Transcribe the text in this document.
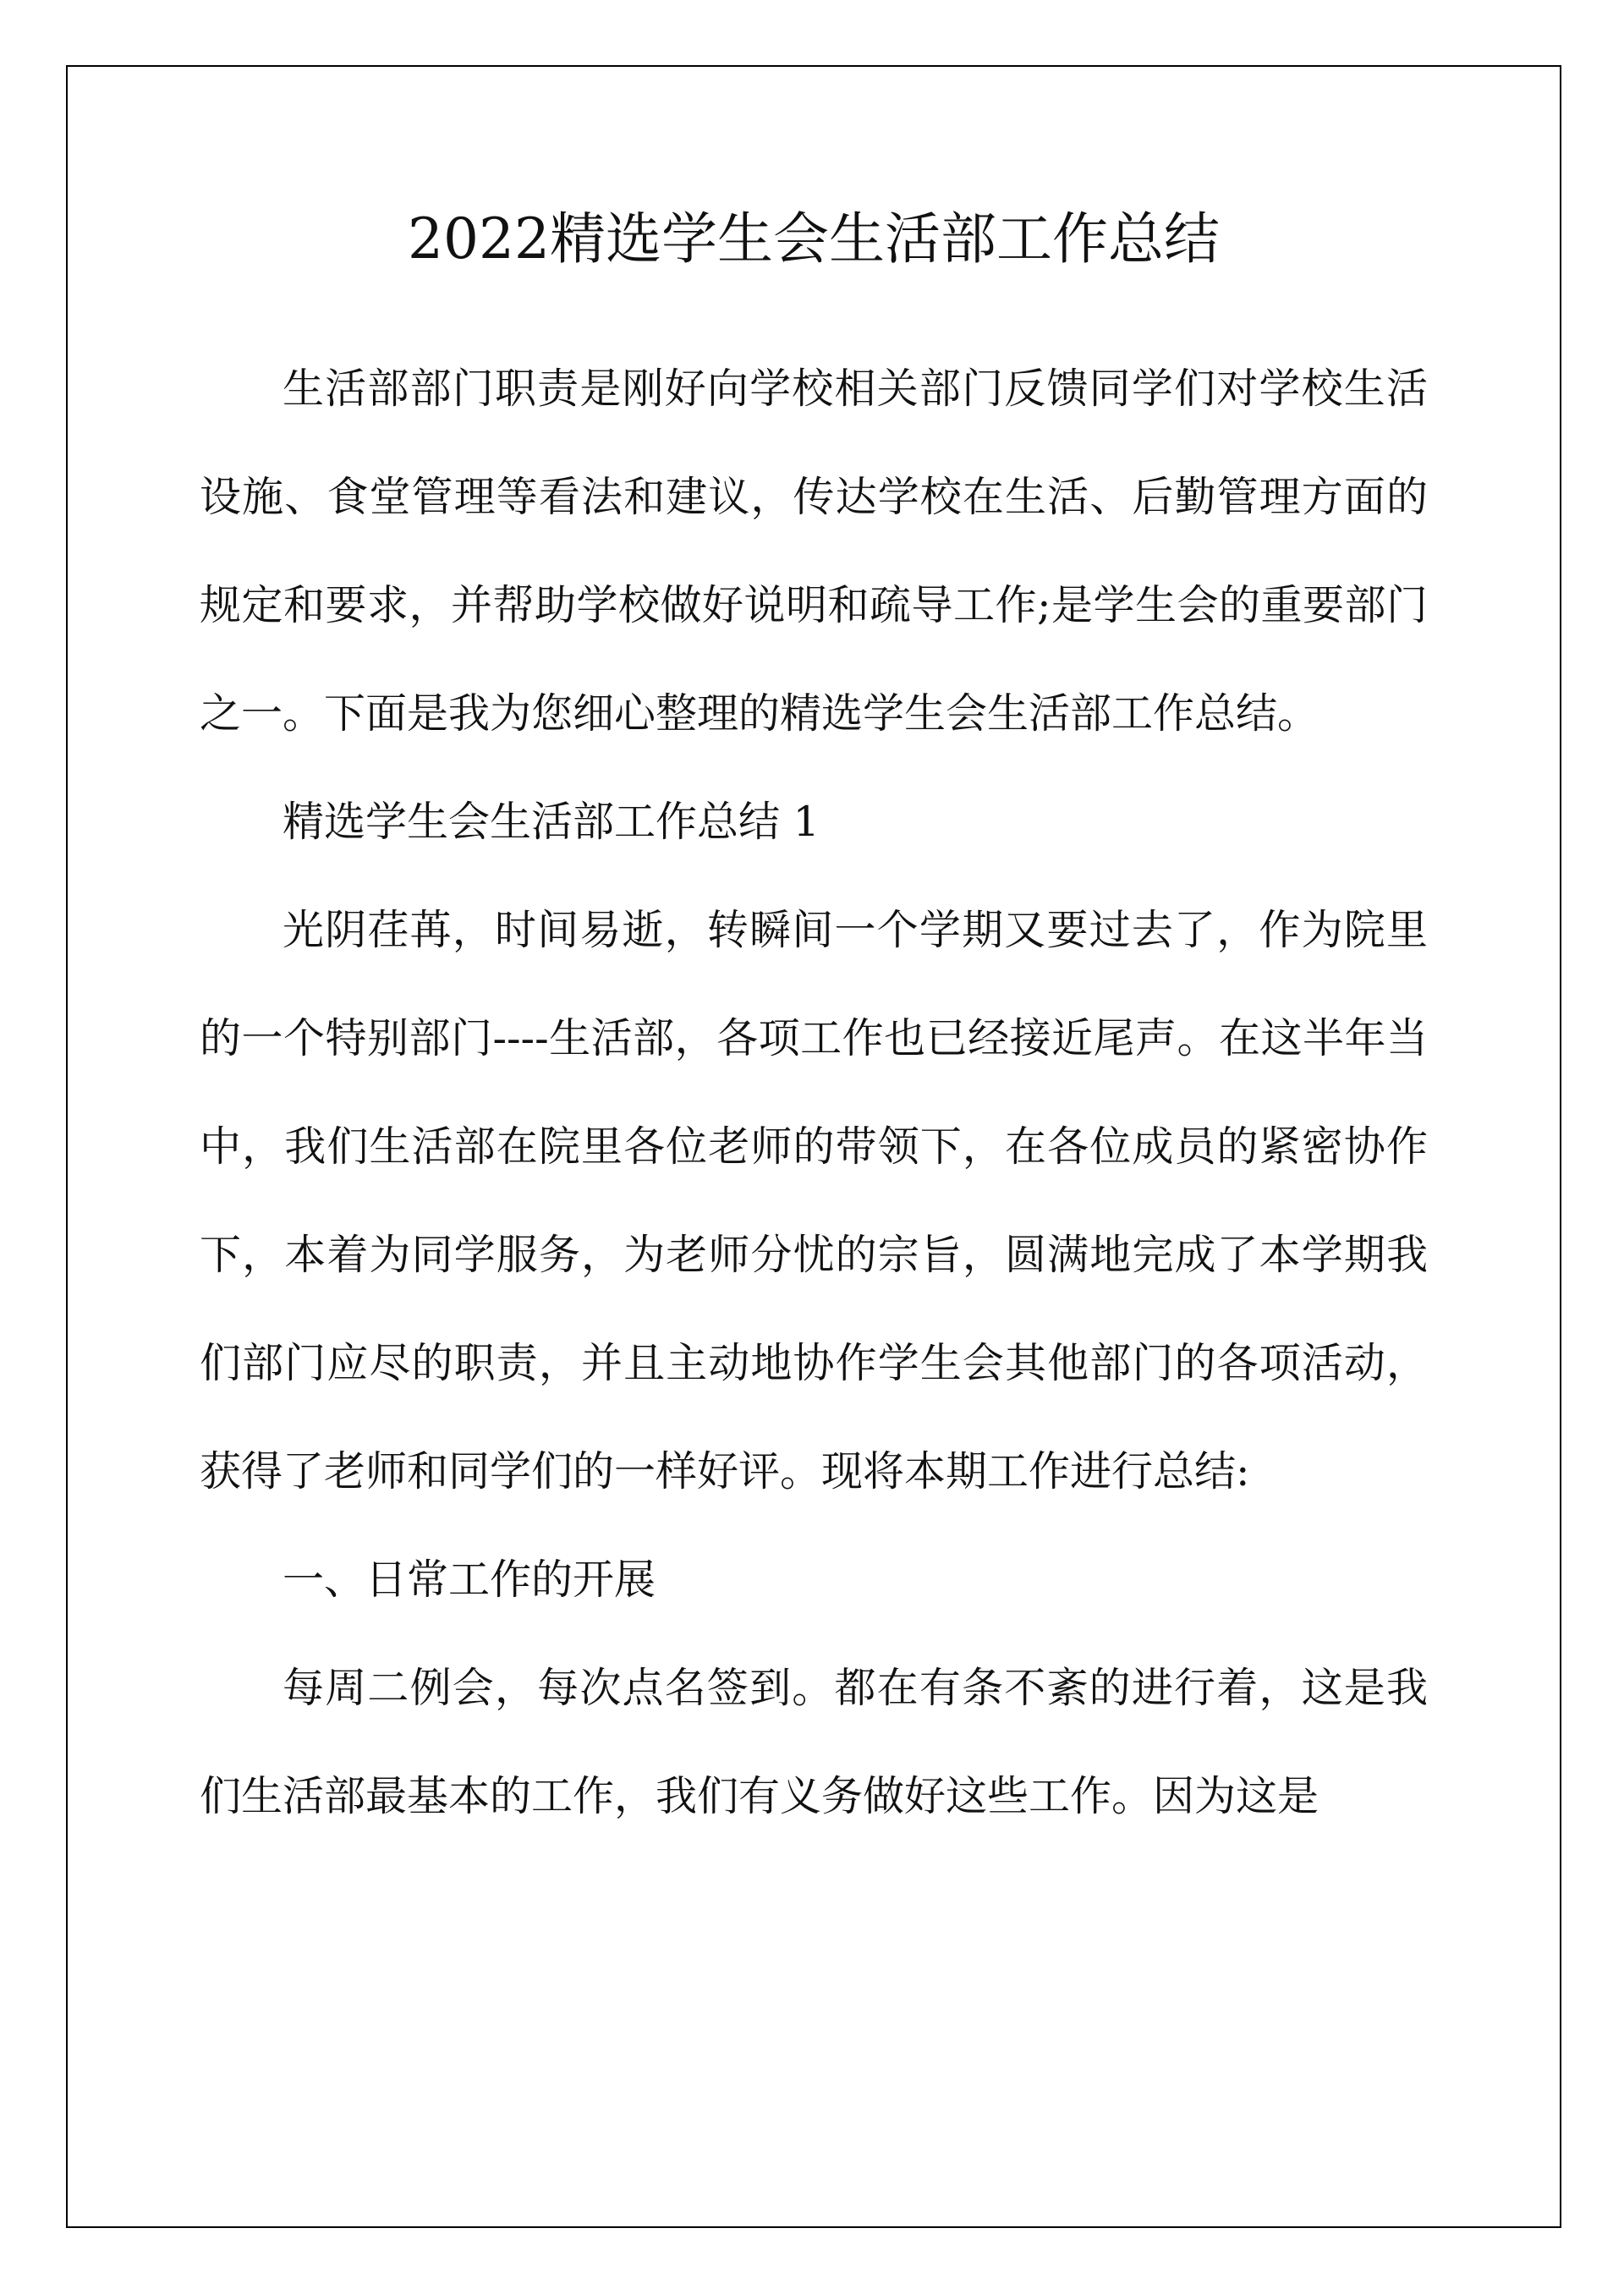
2022精选学生会生活部工作总结

生活部部门职责是刚好向学校相关部门反馈同学们对学校生活设施、食堂管理等看法和建议，传达学校在生活、后勤管理方面的规定和要求，并帮助学校做好说明和疏导工作;是学生会的重要部门之一。下面是我为您细心整理的精选学生会生活部工作总结。

精选学生会生活部工作总结 1

光阴荏苒，时间易逝，转瞬间一个学期又要过去了，作为院里的一个特别部门----生活部，各项工作也已经接近尾声。在这半年当中，我们生活部在院里各位老师的带领下，在各位成员的紧密协作下，本着为同学服务，为老师分忧的宗旨，圆满地完成了本学期我们部门应尽的职责，并且主动地协作学生会其他部门的各项活动，获得了老师和同学们的一样好评。现将本期工作进行总结:

一、日常工作的开展

每周二例会，每次点名签到。都在有条不紊的进行着，这是我们生活部最基本的工作，我们有义务做好这些工作。因为这是
